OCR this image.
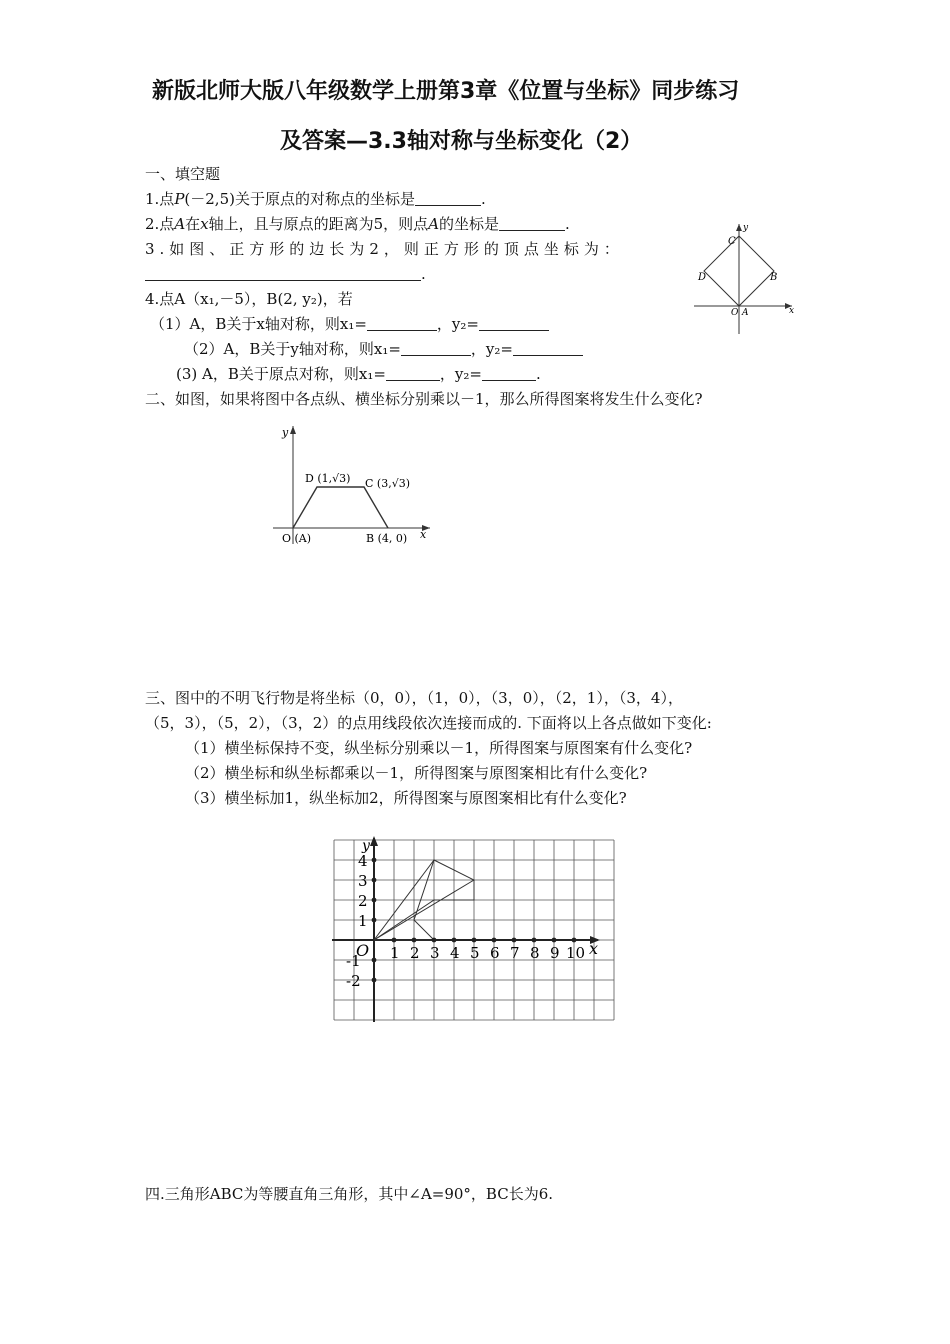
新版北师大版八年级数学上册第3章《位置与坐标》同步练习
及答案—3.3轴对称与坐标变化（2）
一、填空题
1.点P(－2,5)关于原点的对称点的坐标是	.
2.点A在x轴上，且与原点的距离为5，则点A的坐标是	.
3.如图、正方形的边长为2，则正方形的顶点坐标为：
.
4.点A（x₁,－5），B(2, y₂)，若
（1）A，B关于x轴对称，则x₁=	，y₂=
（2）A，B关于y轴对称，则x₁=	，y₂=
(3) A，B关于原点对称，则x₁=	，y₂=	.
y
x
C
D	B
O A
二、如图，如果将图中各点纵、横坐标分别乘以－1，那么所得图案将发生什么变化?
y
x
D (1,√3) C (3,√3)
O (A)	B (4, 0)
三、图中的不明飞行物是将坐标（0，0），（1，0），（3，0），（2，1），（3，4），
（5，3），（5，2），（3，2）的点用线段依次连接而成的. 下面将以上各点做如下变化:
（1）横坐标保持不变，纵坐标分别乘以－1，所得图案与原图案有什么变化?
（2）横坐标和纵坐标都乘以－1，所得图案与原图案相比有什么变化?
（3）横坐标加1，纵坐标加2，所得图案与原图案相比有什么变化?
1 2 3 4 5 6 7 8 9 10
4
3
2
1
-1
-2
O	x
y
四.三角形ABC为等腰直角三角形，其中∠A=90°，BC长为6.
